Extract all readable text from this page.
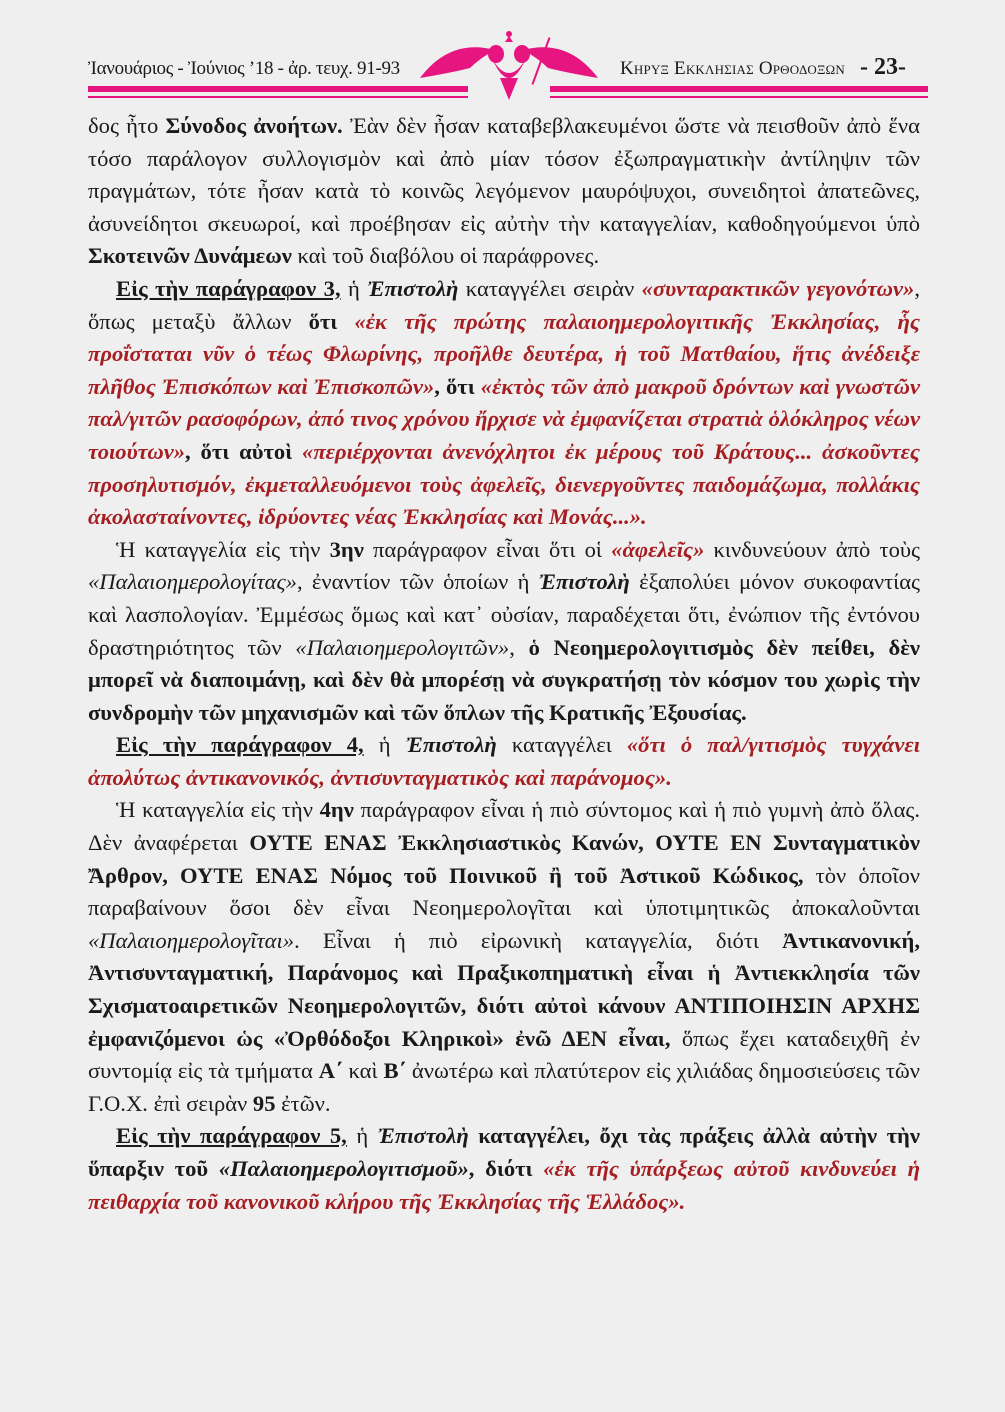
Ἰανουάριος - Ἰούνιος ’18 - ἀρ. τευχ. 91-93	Κηρυξ Εκκλησιας Ορθοδοξων - 23-

δος ἦτο Σύνοδος ἀνοήτων. Ἐὰν δὲν ἦσαν καταβεβλακευμένοι ὥστε νὰ πεισθοῦν ἀπὸ ἕνα τόσο παράλογον συλλογισμὸν καὶ ἀπὸ μίαν τόσον ἐξωπραγματικὴν ἀντίληψιν τῶν πραγμάτων, τότε ἦσαν κατὰ τὸ κοινῶς λεγόμενον μαυρόψυχοι, συνειδητοὶ ἀπατεῶνες, ἀσυνείδητοι σκευωροί, καὶ προέβησαν εἰς αὐτὴν τὴν καταγγελίαν, καθοδηγούμενοι ὑπὸ Σκοτεινῶν Δυνάμεων καὶ τοῦ διαβόλου οἱ παράφρονες.

Εἰς τὴν παράγραφον 3, ἡ Ἐπιστολὴ καταγγέλει σειρὰν «συνταρακτικῶν γεγονότων», ὅπως μεταξὺ ἄλλων ὅτι «ἐκ τῆς πρώτης παλαιοημερολογιτικῆς Ἐκκλησίας, ἧς προΐσταται νῦν ὁ τέως Φλωρίνης, προῆλθε δευτέρα, ἡ τοῦ Ματθαίου, ἥτις ἀνέδειξε πλῆθος Ἐπισκόπων καὶ Ἐπισκοπῶν», ὅτι «ἐκτὸς τῶν ἀπὸ μακροῦ δρόντων καὶ γνωστῶν παλ/γιτῶν ρασοφόρων, ἀπό τινος χρόνου ἤρχισε νὰ ἐμφανίζεται στρατιὰ ὁλόκληρος νέων τοιούτων», ὅτι αὐτοὶ «περιέρχονται ἀνενόχλητοι ἐκ μέρους τοῦ Κράτους... ἀσκοῦντες προσηλυτισμόν, ἐκμεταλλευόμενοι τοὺς ἀφελεῖς, διενεργοῦντες παιδομάζωμα, πολλάκις ἀκολασταίνοντες, ἱδρύοντες νέας Ἐκκλησίας καὶ Μονάς...».

Ἡ καταγγελία εἰς τὴν 3ην παράγραφον εἶναι ὅτι οἱ «ἀφελεῖς» κινδυνεύουν ἀπὸ τοὺς «Παλαιοημερολογίτας», ἐναντίον τῶν ὁποίων ἡ Ἐπιστολὴ ἐξαπολύει μόνον συκοφαντίας καὶ λασπολογίαν. Ἐμμέσως ὅμως καὶ κατ᾽ οὐσίαν, παραδέχεται ὅτι, ἐνώπιον τῆς ἐντόνου δραστηριότητος τῶν «Παλαιοημερολογιτῶν», ὁ Νεοημερολογιτισμὸς δὲν πείθει, δὲν μπορεῖ νὰ διαποιμάνῃ, καὶ δὲν θὰ μπορέσῃ νὰ συγκρατήσῃ τὸν κόσμον του χωρὶς τὴν συνδρομὴν τῶν μηχανισμῶν καὶ τῶν ὅπλων τῆς Κρατικῆς Ἐξουσίας.

Εἰς τὴν παράγραφον 4, ἡ Ἐπιστολὴ καταγγέλει «ὅτι ὁ παλ/γιτισμὸς τυγχάνει ἀπολύτως ἀντικανονικός, ἀντισυνταγματικὸς καὶ παράνομος».

Ἡ καταγγελία εἰς τὴν 4ην παράγραφον εἶναι ἡ πιὸ σύντομος καὶ ἡ πιὸ γυμνὴ ἀπὸ ὅλας. Δὲν ἀναφέρεται ΟΥΤΕ ΕΝΑΣ Ἐκκλησιαστικὸς Κανών, ΟΥΤΕ ΕΝ Συνταγματικὸν Ἄρθρον, ΟΥΤΕ ΕΝΑΣ Νόμος τοῦ Ποινικοῦ ἢ τοῦ Ἀστικοῦ Κώδικος, τὸν ὁποῖον παραβαίνουν ὅσοι δὲν εἶναι Νεοημερολογῖται καὶ ὑποτιμητικῶς ἀποκαλοῦνται «Παλαιοημερολογῖται». Εἶναι ἡ πιὸ εἰρωνικὴ καταγγελία, διότι Ἀντικανονική, Ἀντισυνταγματική, Παράνομος καὶ Πραξικοπηματικὴ εἶναι ἡ Ἀντιεκκλησία τῶν Σχισματοαιρετικῶν Νεοημερολογιτῶν, διότι αὐτοὶ κάνουν ΑΝΤΙΠΟΙΗΣΙΝ ΑΡΧΗΣ ἐμφανιζόμενοι ὡς «Ὀρθόδοξοι Κληρικοὶ» ἐνῶ ΔΕΝ εἶναι, ὅπως ἔχει καταδειχθῆ ἐν συντομίᾳ εἰς τὰ τμήματα Α΄ καὶ Β΄ ἀνωτέρω καὶ πλατύτερον εἰς χιλιάδας δημοσιεύσεις τῶν Γ.Ο.Χ. ἐπὶ σειρὰν 95 ἐτῶν.

Εἰς τὴν παράγραφον 5, ἡ Ἐπιστολὴ καταγγέλει, ὄχι τὰς πράξεις ἀλλὰ αὐτὴν τὴν ὕπαρξιν τοῦ «Παλαιοημερολογιτισμοῦ», διότι «ἐκ τῆς ὑπάρξεως αὐτοῦ κινδυνεύει ἡ πειθαρχία τοῦ κανονικοῦ κλήρου τῆς Ἐκκλησίας τῆς Ἑλλάδος».
